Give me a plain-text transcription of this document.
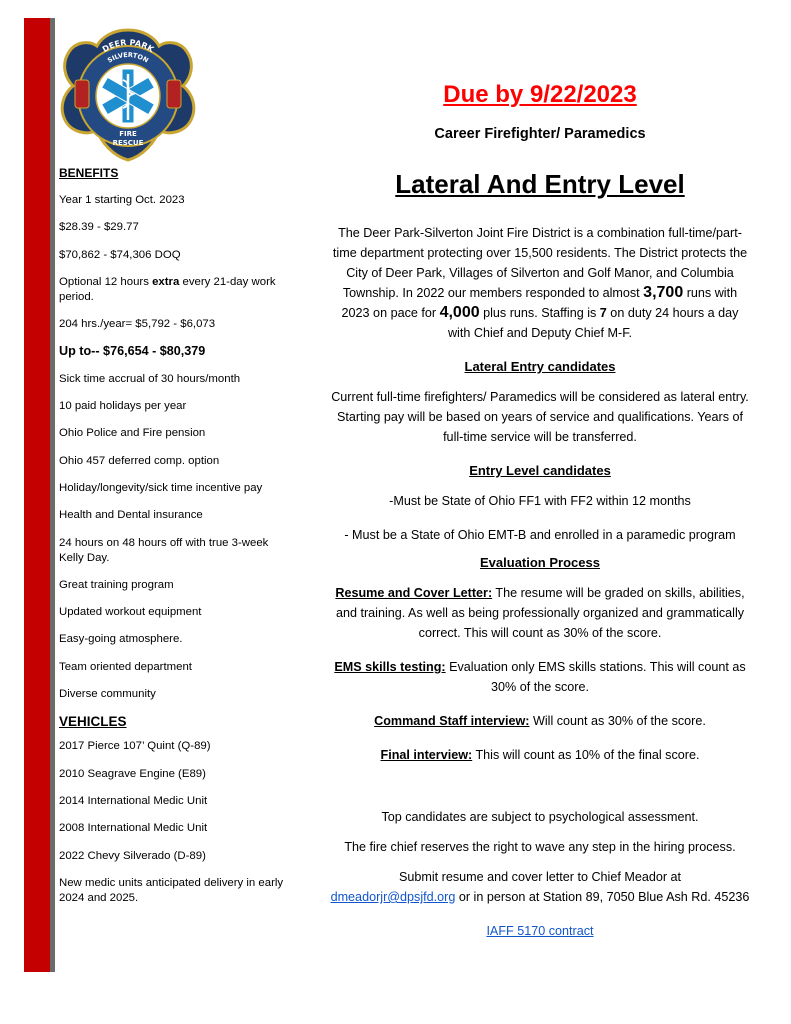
DEER PARK
SILVERTON
FIRE
RESCUE
BENEFITS
Year 1 starting Oct. 2023
$28.39 - $29.77
$70,862 - $74,306 DOQ
Optional 12 hours extra every 21-day work period.
204 hrs./year= $5,792 - $6,073
Up to-- $76,654 - $80,379
Sick time accrual of 30 hours/month
10 paid holidays per year
Ohio Police and Fire pension
Ohio 457 deferred comp. option
Holiday/longevity/sick time incentive pay
Health and Dental insurance
24 hours on 48 hours off with true 3-week Kelly Day.
Great training program
Updated workout equipment
Easy-going atmosphere.
Team oriented department
Diverse community
VEHICLES
2017 Pierce 107’ Quint (Q-89)
2010 Seagrave Engine (E89)
2014 International Medic Unit
2008 International Medic Unit
2022 Chevy Silverado (D-89)
New medic units anticipated delivery in early 2024 and 2025.
Due by 9/22/2023
Career Firefighter/ Paramedics
Lateral And Entry Level
The Deer Park-Silverton Joint Fire District is a combination full-time/part-time department protecting over 15,500 residents. The District protects the City of Deer Park, Villages of Silverton and Golf Manor, and Columbia Township. In 2022 our members responded to almost 3,700 runs with 2023 on pace for 4,000 plus runs. Staffing is 7 on duty 24 hours a day with Chief and Deputy Chief M-F.
Lateral Entry candidates
Current full-time firefighters/ Paramedics will be considered as lateral entry. Starting pay will be based on years of service and qualifications. Years of full-time service will be transferred.
Entry Level candidates
-Must be State of Ohio FF1 with FF2 within 12 months
- Must be a State of Ohio EMT-B and enrolled in a paramedic program
Evaluation Process
Resume and Cover Letter: The resume will be graded on skills, abilities, and training. As well as being professionally organized and grammatically correct. This will count as 30% of the score.
EMS skills testing: Evaluation only EMS skills stations. This will count as 30% of the score.
Command Staff interview: Will count as 30% of the score.
Final interview: This will count as 10% of the final score.
Top candidates are subject to psychological assessment.
The fire chief reserves the right to wave any step in the hiring process.
Submit resume and cover letter to Chief Meador at
dmeadorjr@dpsjfd.org or in person at Station 89, 7050 Blue Ash Rd. 45236
IAFF 5170 contract
